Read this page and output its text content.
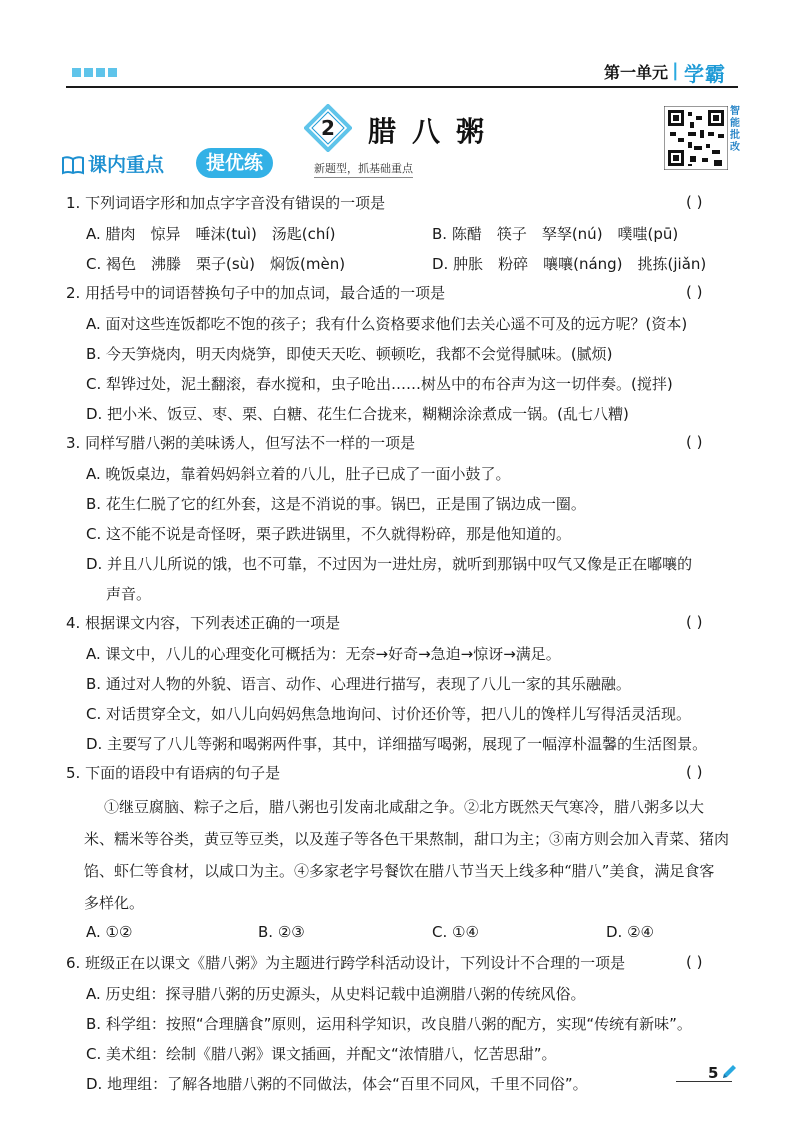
第一单元 | 学霸
2 腊八粥
智能批改
课内重点	提优练	新题型，抓基础重点
1. 下列词语字形和加点字字音没有错误的一项是	( )
A. 腊肉　惊异　唾沫(tuì)　汤匙(chí)	B. 陈醋　筷子　孥孥(nú)　噗嗤(pū)
C. 褐色　沸滕　栗子(sù)　焖饭(mèn)	D. 肿胀　粉碎　嚷嚷(náng)　挑拣(jiǎn)
2. 用括号中的词语替换句子中的加点词，最合适的一项是	( )
A. 面对这些连饭都吃不饱的孩子；我有什么资格要求他们去关心遥不可及的远方呢？(资本)
B. 今天笋烧肉，明天肉烧笋，即使天天吃、顿顿吃，我都不会觉得腻味。(腻烦)
C. 犁铧过处，泥土翻滚，春水搅和，虫子呛出……树丛中的布谷声为这一切伴奏。(搅拌)
D. 把小米、饭豆、枣、栗、白糖、花生仁合拢来，糊糊涂涂煮成一锅。(乱七八糟)
3. 同样写腊八粥的美味诱人，但写法不一样的一项是	( )
A. 晚饭桌边，靠着妈妈斜立着的八儿，肚子已成了一面小鼓了。
B. 花生仁脱了它的红外套，这是不消说的事。锅巴，正是围了锅边成一圈。
C. 这不能不说是奇怪呀，栗子跌进锅里，不久就得粉碎，那是他知道的。
D. 并且八儿所说的饿，也不可靠，不过因为一进灶房，就听到那锅中叹气又像是正在嘟嚷的
声音。
4. 根据课文内容，下列表述正确的一项是	( )
A. 课文中，八儿的心理变化可概括为：无奈→好奇→急迫→惊讶→满足。
B. 通过对人物的外貌、语言、动作、心理进行描写，表现了八儿一家的其乐融融。
C. 对话贯穿全文，如八儿向妈妈焦急地询问、讨价还价等，把八儿的馋样儿写得活灵活现。
D. 主要写了八儿等粥和喝粥两件事，其中，详细描写喝粥，展现了一幅淳朴温馨的生活图景。
5. 下面的语段中有语病的句子是	( )
①继豆腐脑、粽子之后，腊八粥也引发南北咸甜之争。②北方既然天气寒冷，腊八粥多以大
米、糯米等谷类，黄豆等豆类，以及莲子等各色干果熬制，甜口为主；③南方则会加入青菜、猪肉
馅、虾仁等食材，以咸口为主。④多家老字号餐饮在腊八节当天上线多种“腊八”美食，满足食客
多样化。
A. ①②	B. ②③	C. ①④	D. ②④
6. 班级正在以课文《腊八粥》为主题进行跨学科活动设计，下列设计不合理的一项是	( )
A. 历史组：探寻腊八粥的历史源头，从史料记载中追溯腊八粥的传统风俗。
B. 科学组：按照“合理膳食”原则，运用科学知识，改良腊八粥的配方，实现“传统有新味”。
C. 美术组：绘制《腊八粥》课文插画，并配文“浓情腊八，忆苦思甜”。
D. 地理组：了解各地腊八粥的不同做法，体会“百里不同风，千里不同俗”。
5
